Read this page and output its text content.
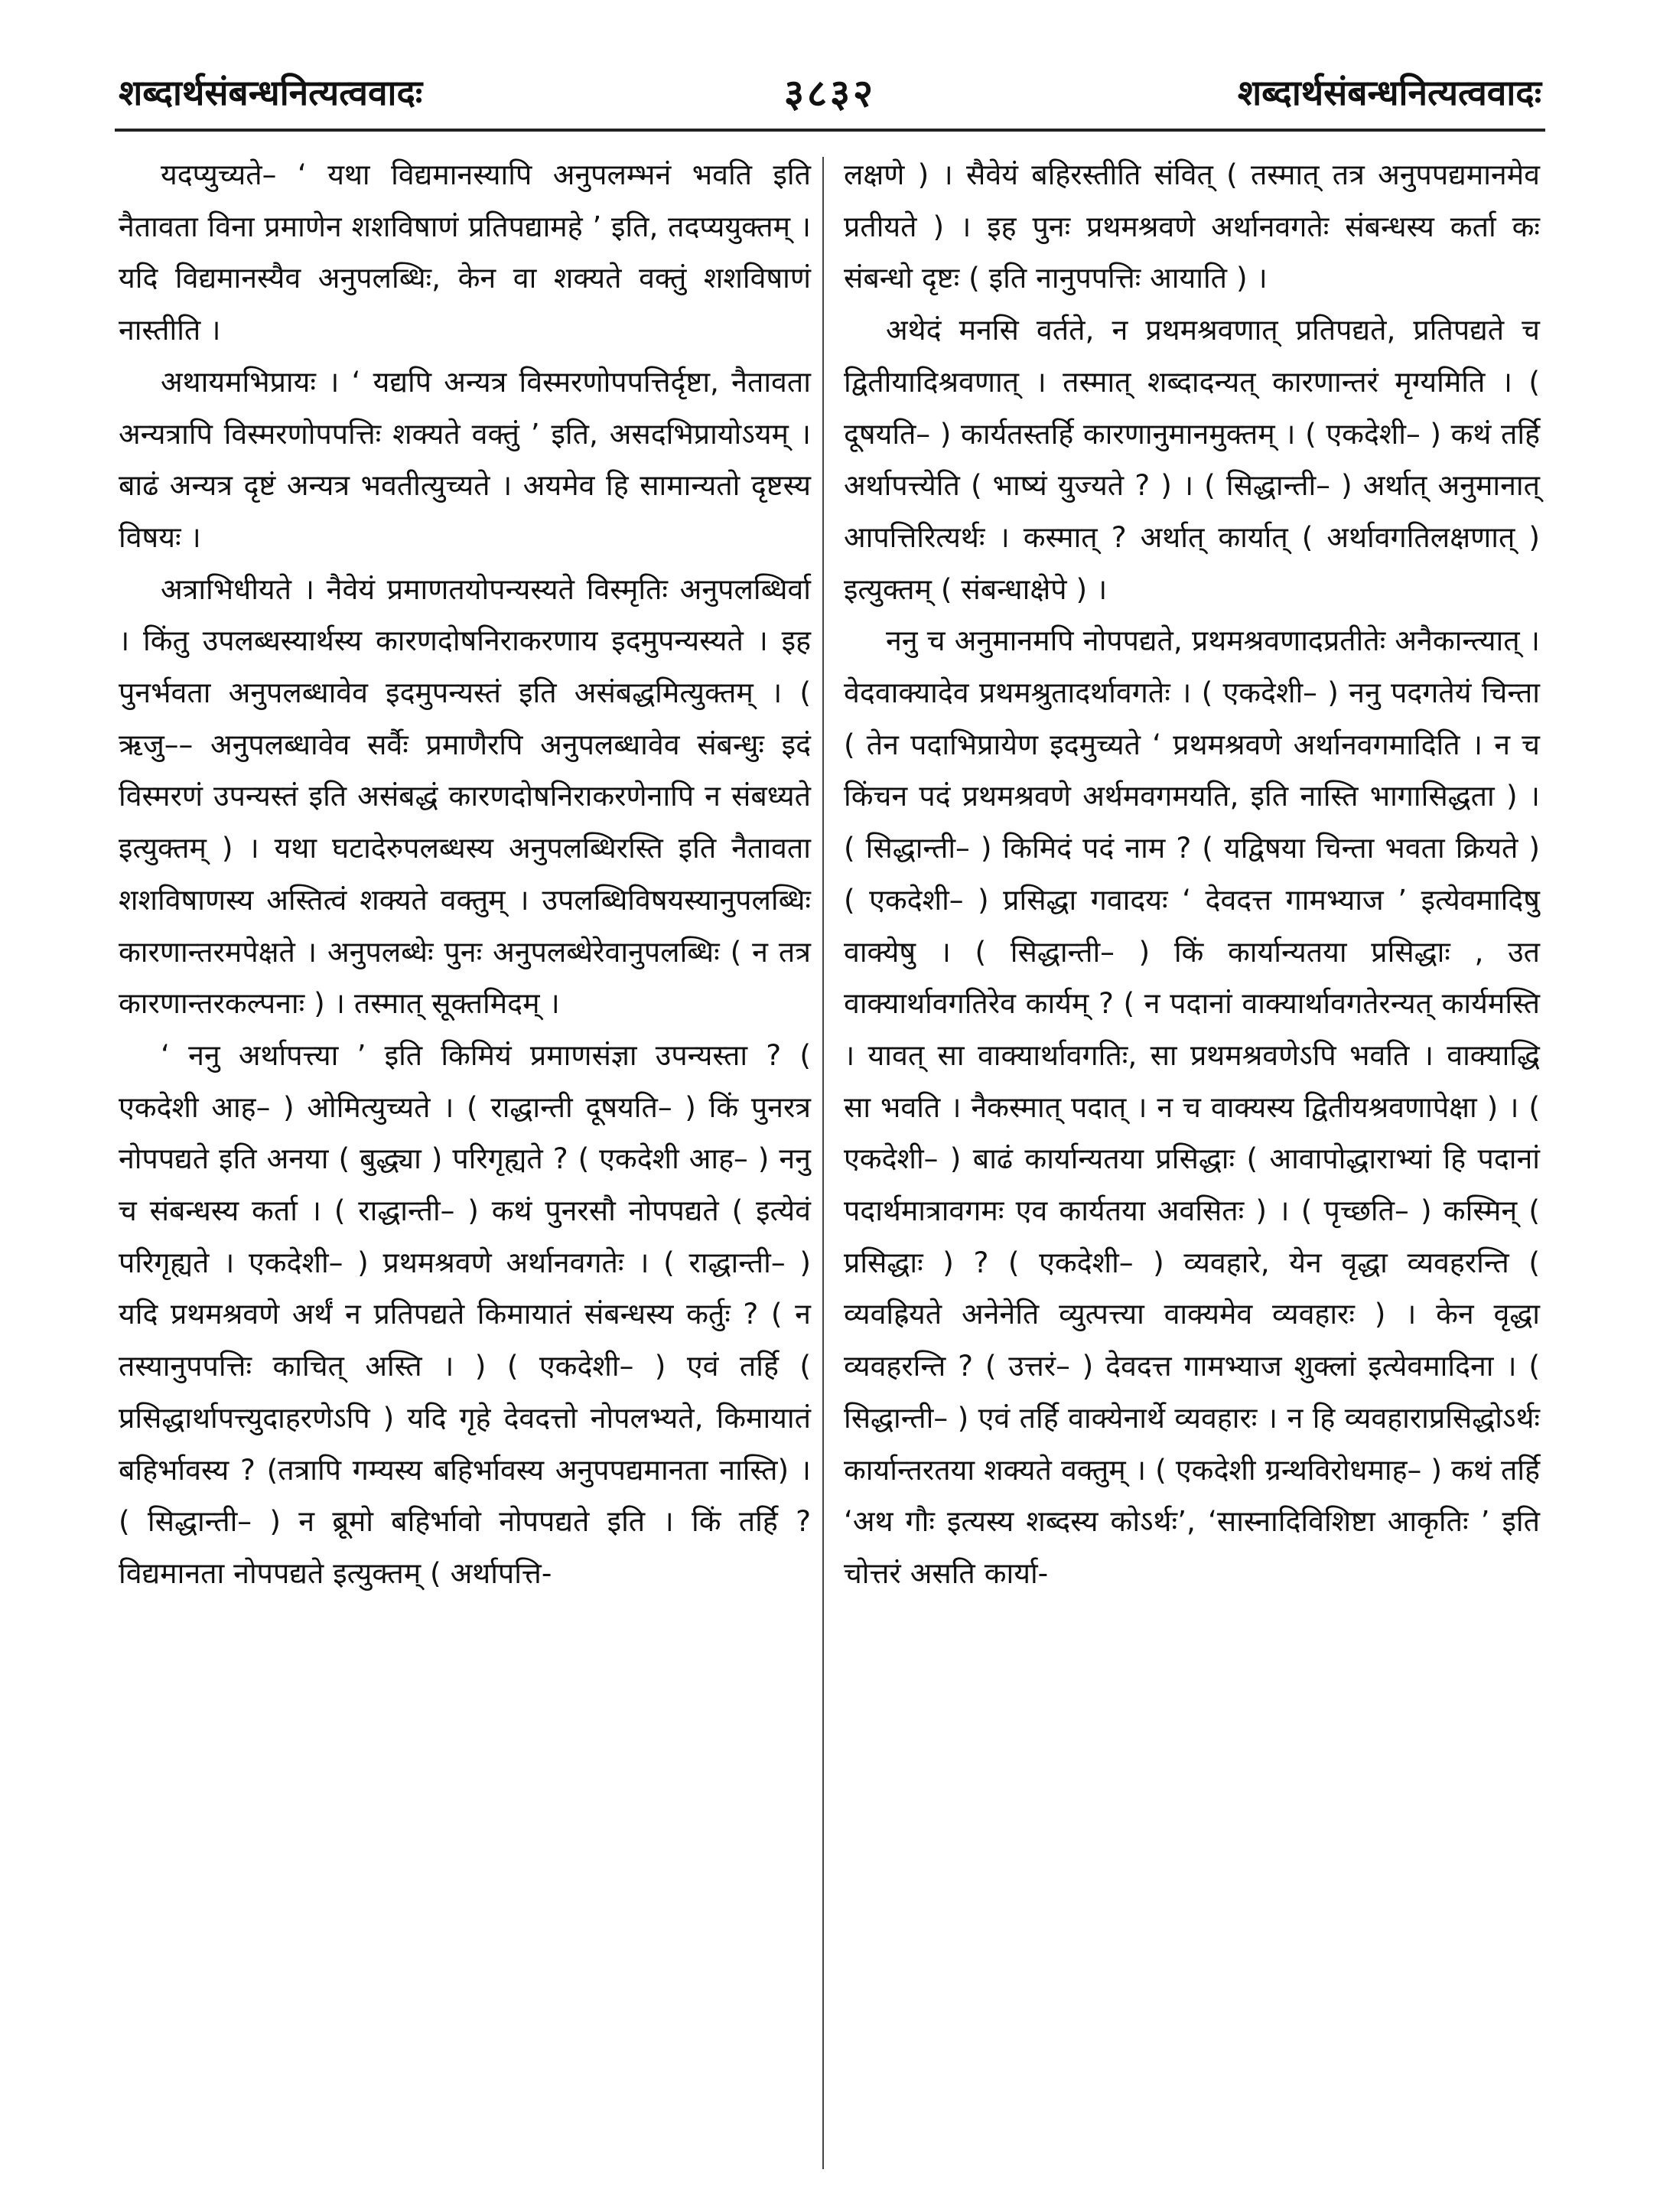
शब्दार्थसंबन्धनित्यत्ववादः	३८३२	शब्दार्थसंबन्धनित्यत्ववादः

यदप्युच्यते– ‘ यथा विद्यमानस्यापि अनुपलम्भनं भवति इति नैतावता विना प्रमाणेन शशविषाणं प्रतिपद्यामहे ’ इति, तदप्ययुक्तम् । यदि विद्यमानस्यैव अनुपलब्धिः, केन वा शक्यते वक्तुं शशविषाणं नास्तीति ।

अथायमभिप्रायः । ‘ यद्यपि अन्यत्र विस्मरणोपपत्तिर्दृष्टा, नैतावता अन्यत्रापि विस्मरणोपपत्तिः शक्यते वक्तुं ’ इति, असदभिप्रायोऽयम् । बाढं अन्यत्र दृष्टं अन्यत्र भवतीत्युच्यते । अयमेव हि सामान्यतो दृष्टस्य विषयः ।

अत्राभिधीयते । नैवेयं प्रमाणतयोपन्यस्यते विस्मृतिः अनुपलब्धिर्वा । किंतु उपलब्धस्यार्थस्य कारणदोषनिराकरणाय इदमुपन्यस्यते । इह पुनर्भवता अनुपलब्धावेव इदमुपन्यस्तं इति असंबद्धमित्युक्तम् । ( ऋजु–– अनुपलब्धावेव सर्वैः प्रमाणैरपि अनुपलब्धावेव संबन्धुः इदं विस्मरणं उपन्यस्तं इति असंबद्धं कारणदोषनिराकरणेनापि न संबध्यते इत्युक्तम् ) । यथा घटादेरुपलब्धस्य अनुपलब्धिरस्ति इति नैतावता शशविषाणस्य अस्तित्वं शक्यते वक्तुम् । उपलब्धिविषयस्यानुपलब्धिः कारणान्तरमपेक्षते । अनुपलब्धेः पुनः अनुपलब्धेरेवानुपलब्धिः ( न तत्र कारणान्तरकल्पनाः ) । तस्मात् सूक्तमिदम् ।

‘ ननु अर्थापत्त्या ’ इति किमियं प्रमाणसंज्ञा उपन्यस्ता ? ( एकदेशी आह– ) ओमित्युच्यते । ( राद्धान्ती दूषयति– ) किं पुनरत्र नोपपद्यते इति अनया ( बुद्ध्या ) परिगृह्यते ? ( एकदेशी आह– ) ननु च संबन्धस्य कर्ता । ( राद्धान्ती– ) कथं पुनरसौ नोपपद्यते ( इत्येवं परिगृह्यते । एकदेशी– ) प्रथमश्रवणे अर्थानवगतेः । ( राद्धान्ती– ) यदि प्रथमश्रवणे अर्थं न प्रतिपद्यते किमायातं संबन्धस्य कर्तुः ? ( न तस्यानुपपत्तिः काचित् अस्ति । ) ( एकदेशी– ) एवं तर्हि ( प्रसिद्धार्थापत्त्युदाहरणेऽपि ) यदि गृहे देवदत्तो नोपलभ्यते, किमायातं बहिर्भावस्य ? (तत्रापि गम्यस्य बहिर्भावस्य अनुपपद्यमानता नास्ति) । ( सिद्धान्ती– ) न ब्रूमो बहिर्भावो नोपपद्यते इति । किं तर्हि ? विद्यमानता नोपपद्यते इत्युक्तम् ( अर्थापत्ति-

लक्षणे ) । सैवेयं बहिरस्तीति संवित् ( तस्मात् तत्र अनुपपद्यमानमेव प्रतीयते ) । इह पुनः प्रथमश्रवणे अर्थानवगतेः संबन्धस्य कर्ता कः संबन्धो दृष्टः ( इति नानुपपत्तिः आयाति ) ।

अथेदं मनसि वर्तते, न प्रथमश्रवणात् प्रतिपद्यते, प्रतिपद्यते च द्वितीयादिश्रवणात् । तस्मात् शब्दादन्यत् कारणान्तरं मृग्यमिति । ( दूषयति– ) कार्यतस्तर्हि कारणानुमानमुक्तम् । ( एकदेशी– ) कथं तर्हि अर्थापत्त्येति ( भाष्यं युज्यते ? ) । ( सिद्धान्ती– ) अर्थात् अनुमानात् आपत्तिरित्यर्थः । कस्मात् ? अर्थात् कार्यात् ( अर्थावगतिलक्षणात् ) इत्युक्तम् ( संबन्धाक्षेपे ) ।

ननु च अनुमानमपि नोपपद्यते, प्रथमश्रवणादप्रतीतेः अनैकान्त्यात् । वेदवाक्यादेव प्रथमश्रुतादर्थावगतेः । ( एकदेशी– ) ननु पदगतेयं चिन्ता ( तेन पदाभिप्रायेण इदमुच्यते ‘ प्रथमश्रवणे अर्थानवगमादिति । न च किंचन पदं प्रथमश्रवणे अर्थमवगमयति, इति नास्ति भागासिद्धता ) । ( सिद्धान्ती– ) किमिदं पदं नाम ? ( यद्विषया चिन्ता भवता क्रियते ) ( एकदेशी– ) प्रसिद्धा गवादयः ‘ देवदत्त गामभ्याज ’ इत्येवमादिषु वाक्येषु । ( सिद्धान्ती– ) किं कार्यान्यतया प्रसिद्धाः , उत वाक्यार्थावगतिरेव कार्यम् ? ( न पदानां वाक्यार्थावगतेरन्यत् कार्यमस्ति । यावत् सा वाक्यार्थावगतिः, सा प्रथमश्रवणेऽपि भवति । वाक्याद्धि सा भवति । नैकस्मात् पदात् । न च वाक्यस्य द्वितीयश्रवणापेक्षा ) । ( एकदेशी– ) बाढं कार्यान्यतया प्रसिद्धाः ( आवापोद्धाराभ्यां हि पदानां पदार्थमात्रावगमः एव कार्यतया अवसितः ) । ( पृच्छति– ) कस्मिन् ( प्रसिद्धाः ) ? ( एकदेशी– ) व्यवहारे, येन वृद्धा व्यवहरन्ति ( व्यवह्रियते अनेनेति व्युत्पत्त्या वाक्यमेव व्यवहारः ) । केन वृद्धा व्यवहरन्ति ? ( उत्तरं– ) देवदत्त गामभ्याज शुक्लां इत्येवमादिना । ( सिद्धान्ती– ) एवं तर्हि वाक्येनार्थे व्यवहारः । न हि व्यवहाराप्रसिद्धोऽर्थः कार्यान्तरतया शक्यते वक्तुम् । ( एकदेशी ग्रन्थविरोधमाह– ) कथं तर्हि ‘अथ गौः इत्यस्य शब्दस्य कोऽर्थः’, ‘सास्नादिविशिष्टा आकृतिः ’ इति चोत्तरं असति कार्या-
